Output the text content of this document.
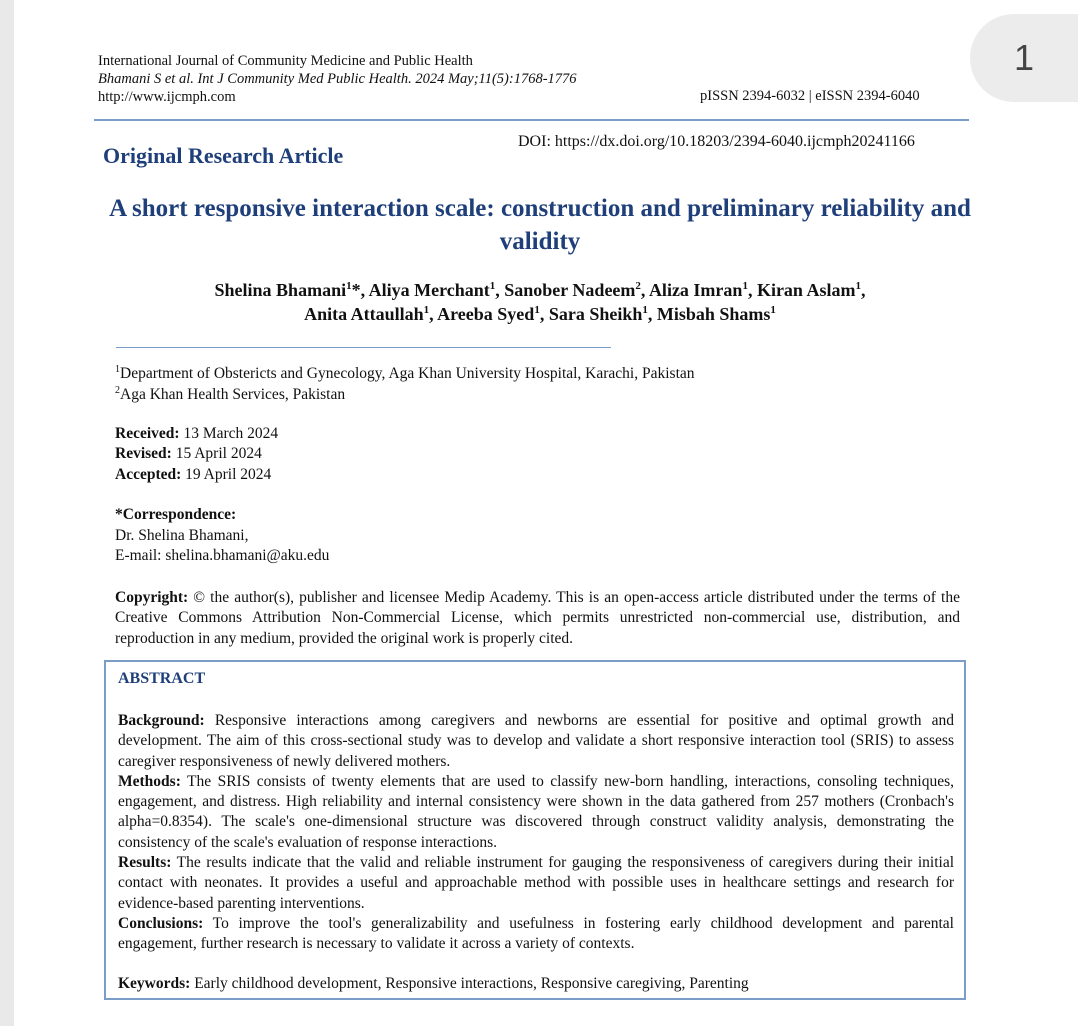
1
International Journal of Community Medicine and Public Health
Bhamani S et al. Int J Community Med Public Health. 2024 May;11(5):1768-1776
http://www.ijcmph.com	pISSN 2394-6032 | eISSN 2394-6040
DOI: https://dx.doi.org/10.18203/2394-6040.ijcmph20241166
Original Research Article
A short responsive interaction scale: construction and preliminary reliability and validity
Shelina Bhamani$^1$*, Aliya Merchant$^1$, Sanober Nadeem$^2$, Aliza Imran$^1$, Kiran Aslam$^1$,
Anita Attaullah$^1$, Areeba Syed$^1$, Sara Sheikh$^1$, Misbah Shams$^1$
$^1$Department of Obstericts and Gynecology, Aga Khan University Hospital, Karachi, Pakistan
$^2$Aga Khan Health Services, Pakistan
Received: 13 March 2024
Revised: 15 April 2024
Accepted: 19 April 2024
*Correspondence:
Dr. Shelina Bhamani,
E-mail: shelina.bhamani@aku.edu
Copyright: © the author(s), publisher and licensee Medip Academy. This is an open-access article distributed under the terms of the Creative Commons Attribution Non-Commercial License, which permits unrestricted non-commercial use, distribution, and reproduction in any medium, provided the original work is properly cited.
ABSTRACT

Background: Responsive interactions among caregivers and newborns are essential for positive and optimal growth and development. The aim of this cross-sectional study was to develop and validate a short responsive interaction tool (SRIS) to assess caregiver responsiveness of newly delivered mothers.

Methods: The SRIS consists of twenty elements that are used to classify new-born handling, interactions, consoling techniques, engagement, and distress. High reliability and internal consistency were shown in the data gathered from 257 mothers (Cronbach's alpha=0.8354). The scale's one-dimensional structure was discovered through construct validity analysis, demonstrating the consistency of the scale's evaluation of response interactions.

Results: The results indicate that the valid and reliable instrument for gauging the responsiveness of caregivers during their initial contact with neonates. It provides a useful and approachable method with possible uses in healthcare settings and research for evidence-based parenting interventions.

Conclusions: To improve the tool's generalizability and usefulness in fostering early childhood development and parental engagement, further research is necessary to validate it across a variety of contexts.

Keywords: Early childhood development, Responsive interactions, Responsive caregiving, Parenting
